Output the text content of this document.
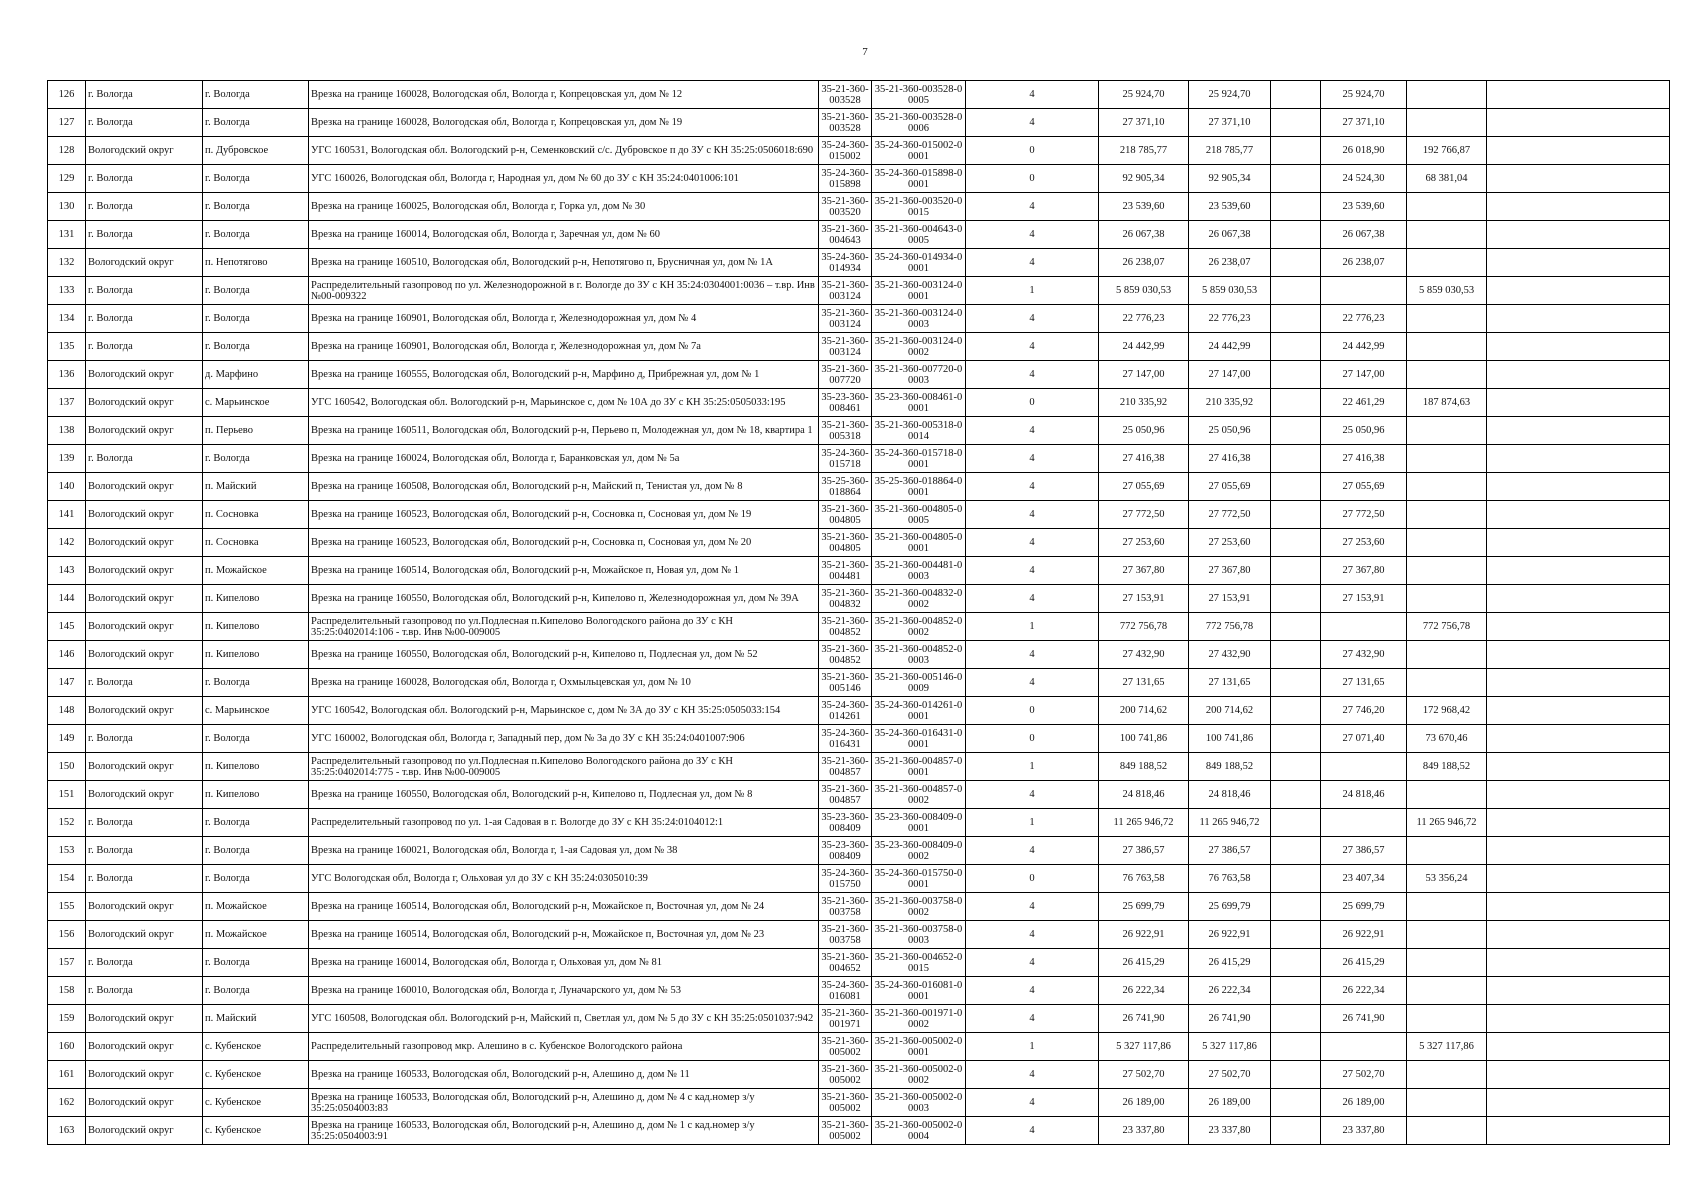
7
126	г. Вологда	г. Вологда	Врезка на границе 160028, Вологодская обл, Вологда г, Копрецовская ул, дом № 12	35-21-360-003528	35-21-360-003528-00005	4	25 924,70	25 924,70		25 924,70		
127	г. Вологда	г. Вологда	Врезка на границе 160028, Вологодская обл, Вологда г, Копрецовская ул, дом № 19	35-21-360-003528	35-21-360-003528-00006	4	27 371,10	27 371,10		27 371,10		
128	Вологодский округ	п. Дубровское	УГС 160531, Вологодская обл. Вологодский р-н, Семенковский с/с. Дубровское п до ЗУ с КН 35:25:0506018:690	35-24-360-015002	35-24-360-015002-00001	0	218 785,77	218 785,77		26 018,90	192 766,87	
129	г. Вологда	г. Вологда	УГС 160026, Вологодская обл, Вологда г, Народная ул, дом № 60 до ЗУ с КН 35:24:0401006:101	35-24-360-015898	35-24-360-015898-00001	0	92 905,34	92 905,34		24 524,30	68 381,04	
130	г. Вологда	г. Вологда	Врезка на границе 160025, Вологодская обл, Вологда г, Горка ул, дом № 30	35-21-360-003520	35-21-360-003520-00015	4	23 539,60	23 539,60		23 539,60		
131	г. Вологда	г. Вологда	Врезка на границе 160014, Вологодская обл, Вологда г, Заречная ул, дом № 60	35-21-360-004643	35-21-360-004643-00005	4	26 067,38	26 067,38		26 067,38		
132	Вологодский округ	п. Непотягово	Врезка на границе 160510, Вологодская обл, Вологодский р-н, Непотягово п, Брусничная ул, дом № 1А	35-24-360-014934	35-24-360-014934-00001	4	26 238,07	26 238,07		26 238,07		
133	г. Вологда	г. Вологда	Распределительный газопровод по ул. Железнодорожной в г. Вологде до ЗУ с КН 35:24:0304001:0036 – т.вр. Инв №00-009322	35-21-360-003124	35-21-360-003124-00001	1	5 859 030,53	5 859 030,53			5 859 030,53	
134	г. Вологда	г. Вологда	Врезка на границе 160901, Вологодская обл, Вологда г, Железнодорожная ул, дом № 4	35-21-360-003124	35-21-360-003124-00003	4	22 776,23	22 776,23		22 776,23		
135	г. Вологда	г. Вологда	Врезка на границе 160901, Вологодская обл, Вологда г, Железнодорожная ул, дом № 7а	35-21-360-003124	35-21-360-003124-00002	4	24 442,99	24 442,99		24 442,99		
136	Вологодский округ	д. Марфино	Врезка на границе 160555, Вологодская обл, Вологодский р-н, Марфино д, Прибрежная ул, дом № 1	35-21-360-007720	35-21-360-007720-00003	4	27 147,00	27 147,00		27 147,00		
137	Вологодский округ	с. Марьинское	УГС 160542, Вологодская обл. Вологодский р-н, Марьинское с, дом № 10А до ЗУ с КН 35:25:0505033:195	35-23-360-008461	35-23-360-008461-00001	0	210 335,92	210 335,92		22 461,29	187 874,63	
138	Вологодский округ	п. Перьево	Врезка на границе 160511, Вологодская обл, Вологодский р-н, Перьево п, Молодежная ул, дом № 18, квартира 1	35-21-360-005318	35-21-360-005318-00014	4	25 050,96	25 050,96		25 050,96		
139	г. Вологда	г. Вологда	Врезка на границе 160024, Вологодская обл, Вологда г, Баранковская ул, дом № 5а	35-24-360-015718	35-24-360-015718-00001	4	27 416,38	27 416,38		27 416,38		
140	Вологодский округ	п. Майский	Врезка на границе 160508, Вологодская обл, Вологодский р-н, Майский п, Тенистая ул, дом № 8	35-25-360-018864	35-25-360-018864-00001	4	27 055,69	27 055,69		27 055,69		
141	Вологодский округ	п. Сосновка	Врезка на границе 160523, Вологодская обл, Вологодский р-н, Сосновка п, Сосновая ул, дом № 19	35-21-360-004805	35-21-360-004805-00005	4	27 772,50	27 772,50		27 772,50		
142	Вологодский округ	п. Сосновка	Врезка на границе 160523, Вологодская обл, Вологодский р-н, Сосновка п, Сосновая ул, дом № 20	35-21-360-004805	35-21-360-004805-00001	4	27 253,60	27 253,60		27 253,60		
143	Вологодский округ	п. Можайское	Врезка на границе 160514, Вологодская обл, Вологодский р-н, Можайское п, Новая ул, дом № 1	35-21-360-004481	35-21-360-004481-00003	4	27 367,80	27 367,80		27 367,80		
144	Вологодский округ	п. Кипелово	Врезка на границе 160550, Вологодская обл, Вологодский р-н, Кипелово п, Железнодорожная ул, дом № 39А	35-21-360-004832	35-21-360-004832-00002	4	27 153,91	27 153,91		27 153,91		
145	Вологодский округ	п. Кипелово	Распределительный газопровод по ул.Подлесная п.Кипелово Вологодского района до ЗУ с КН 35:25:0402014:106 - т.вр. Инв №00-009005	35-21-360-004852	35-21-360-004852-00002	1	772 756,78	772 756,78			772 756,78	
146	Вологодский округ	п. Кипелово	Врезка на границе 160550, Вологодская обл, Вологодский р-н, Кипелово п, Подлесная ул, дом № 52	35-21-360-004852	35-21-360-004852-00003	4	27 432,90	27 432,90		27 432,90		
147	г. Вологда	г. Вологда	Врезка на границе 160028, Вологодская обл, Вологда г, Охмыльцевская ул, дом № 10	35-21-360-005146	35-21-360-005146-00009	4	27 131,65	27 131,65		27 131,65		
148	Вологодский округ	с. Марьинское	УГС 160542, Вологодская обл. Вологодский р-н, Марьинское с, дом № 3А до ЗУ с КН 35:25:0505033:154	35-24-360-014261	35-24-360-014261-00001	0	200 714,62	200 714,62		27 746,20	172 968,42	
149	г. Вологда	г. Вологда	УГС 160002, Вологодская обл, Вологда г, Западный пер, дом № 3а до ЗУ с КН 35:24:0401007:906	35-24-360-016431	35-24-360-016431-00001	0	100 741,86	100 741,86		27 071,40	73 670,46	
150	Вологодский округ	п. Кипелово	Распределительный газопровод по ул.Подлесная п.Кипелово Вологодского района до ЗУ с КН 35:25:0402014:775 - т.вр. Инв №00-009005	35-21-360-004857	35-21-360-004857-00001	1	849 188,52	849 188,52			849 188,52	
151	Вологодский округ	п. Кипелово	Врезка на границе 160550, Вологодская обл, Вологодский р-н, Кипелово п, Подлесная ул, дом № 8	35-21-360-004857	35-21-360-004857-00002	4	24 818,46	24 818,46		24 818,46		
152	г. Вологда	г. Вологда	Распределительный газопровод по ул. 1-ая Садовая в г. Вологде до ЗУ с КН 35:24:0104012:1	35-23-360-008409	35-23-360-008409-00001	1	11 265 946,72	11 265 946,72			11 265 946,72	
153	г. Вологда	г. Вологда	Врезка на границе 160021, Вологодская обл, Вологда г, 1-ая Садовая ул, дом № 38	35-23-360-008409	35-23-360-008409-00002	4	27 386,57	27 386,57		27 386,57		
154	г. Вологда	г. Вологда	УГС Вологодская обл, Вологда г, Ольховая ул до ЗУ с КН 35:24:0305010:39	35-24-360-015750	35-24-360-015750-00001	0	76 763,58	76 763,58		23 407,34	53 356,24	
155	Вологодский округ	п. Можайское	Врезка на границе 160514, Вологодская обл, Вологодский р-н, Можайское п, Восточная ул, дом № 24	35-21-360-003758	35-21-360-003758-00002	4	25 699,79	25 699,79		25 699,79		
156	Вологодский округ	п. Можайское	Врезка на границе 160514, Вологодская обл, Вологодский р-н, Можайское п, Восточная ул, дом № 23	35-21-360-003758	35-21-360-003758-00003	4	26 922,91	26 922,91		26 922,91		
157	г. Вологда	г. Вологда	Врезка на границе 160014, Вологодская обл, Вологда г, Ольховая ул, дом № 81	35-21-360-004652	35-21-360-004652-00015	4	26 415,29	26 415,29		26 415,29		
158	г. Вологда	г. Вологда	Врезка на границе 160010, Вологодская обл, Вологда г, Луначарского ул, дом № 53	35-24-360-016081	35-24-360-016081-00001	4	26 222,34	26 222,34		26 222,34		
159	Вологодский округ	п. Майский	УГС 160508, Вологодская обл. Вологодский р-н, Майский п, Светлая ул, дом № 5 до ЗУ с КН 35:25:0501037:942	35-21-360-001971	35-21-360-001971-00002	4	26 741,90	26 741,90		26 741,90		
160	Вологодский округ	с. Кубенское	Распределительный газопровод мкр. Алешино в с. Кубенское Вологодского района	35-21-360-005002	35-21-360-005002-00001	1	5 327 117,86	5 327 117,86			5 327 117,86	
161	Вологодский округ	с. Кубенское	Врезка на границе 160533, Вологодская обл, Вологодский р-н, Алешино д, дом № 11	35-21-360-005002	35-21-360-005002-00002	4	27 502,70	27 502,70		27 502,70		
162	Вологодский округ	с. Кубенское	Врезка на границе 160533, Вологодская обл, Вологодский р-н, Алешино д, дом № 4 с кад.номер з/у 35:25:0504003:83	35-21-360-005002	35-21-360-005002-00003	4	26 189,00	26 189,00		26 189,00		
163	Вологодский округ	с. Кубенское	Врезка на границе 160533, Вологодская обл, Вологодский р-н, Алешино д, дом № 1 с кад.номер з/у 35:25:0504003:91	35-21-360-005002	35-21-360-005002-00004	4	23 337,80	23 337,80		23 337,80		
